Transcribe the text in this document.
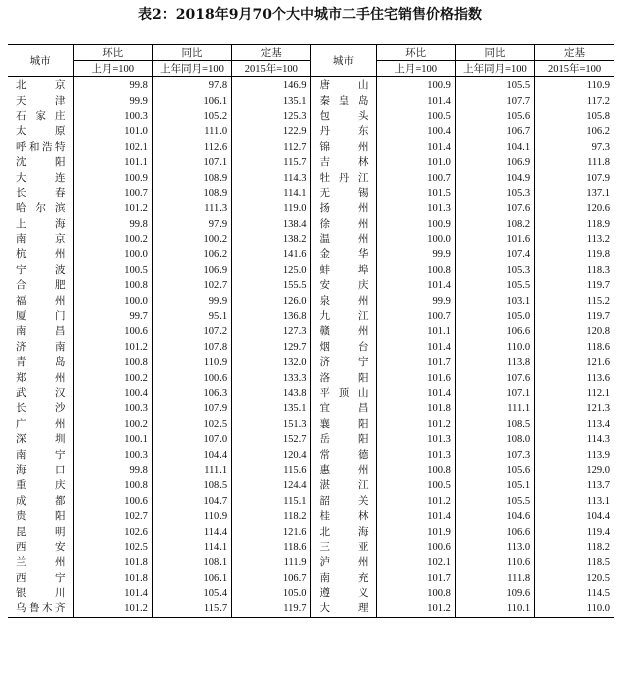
表2：2018年9月70个大中城市二手住宅销售价格指数
城市	环比	同比	定基	城市	环比	同比	定基
	上月=100	上年同月=100	2015年=100		上月=100	上年同月=100	2015年=100
北　京	99.8	97.8	146.9	唐　山	100.9	105.5	110.9
天　津	99.9	106.1	135.1	秦皇岛	101.4	107.7	117.2
石家庄	100.3	105.2	125.3	包　头	100.5	105.6	105.8
太　原	101.0	111.0	122.9	丹　东	100.4	106.7	106.2
呼和浩特	102.1	112.6	112.7	锦　州	101.4	104.1	97.3
沈　阳	101.1	107.1	115.7	吉　林	101.0	106.9	111.8
大　连	100.9	108.9	114.3	牡丹江	100.7	104.9	107.9
长　春	100.7	108.9	114.1	无　锡	101.5	105.3	137.1
哈尔滨	101.2	111.3	119.0	扬　州	101.3	107.6	120.6
上　海	99.8	97.9	138.4	徐　州	100.9	108.2	118.9
南　京	100.2	100.2	138.2	温　州	100.0	101.6	113.2
杭　州	100.0	106.2	141.6	金　华	99.9	107.4	119.8
宁　波	100.5	106.9	125.0	蚌　埠	100.8	105.3	118.3
合　肥	100.8	102.7	155.5	安　庆	101.4	105.5	119.7
福　州	100.0	99.9	126.0	泉　州	99.9	103.1	115.2
厦　门	99.7	95.1	136.8	九　江	100.7	105.0	119.7
南　昌	100.6	107.2	127.3	赣　州	101.1	106.6	120.8
济　南	101.2	107.8	129.7	烟　台	101.4	110.0	118.6
青　岛	100.8	110.9	132.0	济　宁	101.7	113.8	121.6
郑　州	100.2	100.6	133.3	洛　阳	101.6	107.6	113.6
武　汉	100.4	106.3	143.8	平顶山	101.4	107.1	112.1
长　沙	100.3	107.9	135.1	宜　昌	101.8	111.1	121.3
广　州	100.2	102.5	151.3	襄　阳	101.2	108.5	113.4
深　圳	100.1	107.0	152.7	岳　阳	101.3	108.0	114.3
南　宁	100.3	104.4	120.4	常　德	101.3	107.3	113.9
海　口	99.8	111.1	115.6	惠　州	100.8	105.6	129.0
重　庆	100.8	108.5	124.4	湛　江	100.5	105.1	113.7
成　都	100.6	104.7	115.1	韶　关	101.2	105.5	113.1
贵　阳	102.7	110.9	118.2	桂　林	101.4	104.6	104.4
昆　明	102.6	114.4	121.6	北　海	101.9	106.6	119.4
西　安	102.5	114.1	118.6	三　亚	100.6	113.0	118.2
兰　州	101.8	108.1	111.9	泸　州	102.1	110.6	118.5
西　宁	101.8	106.1	106.7	南　充	101.7	111.8	120.5
银　川	101.4	105.4	105.0	遵　义	100.8	109.6	114.5
乌鲁木齐	101.2	115.7	119.7	大　理	101.2	110.1	110.0
